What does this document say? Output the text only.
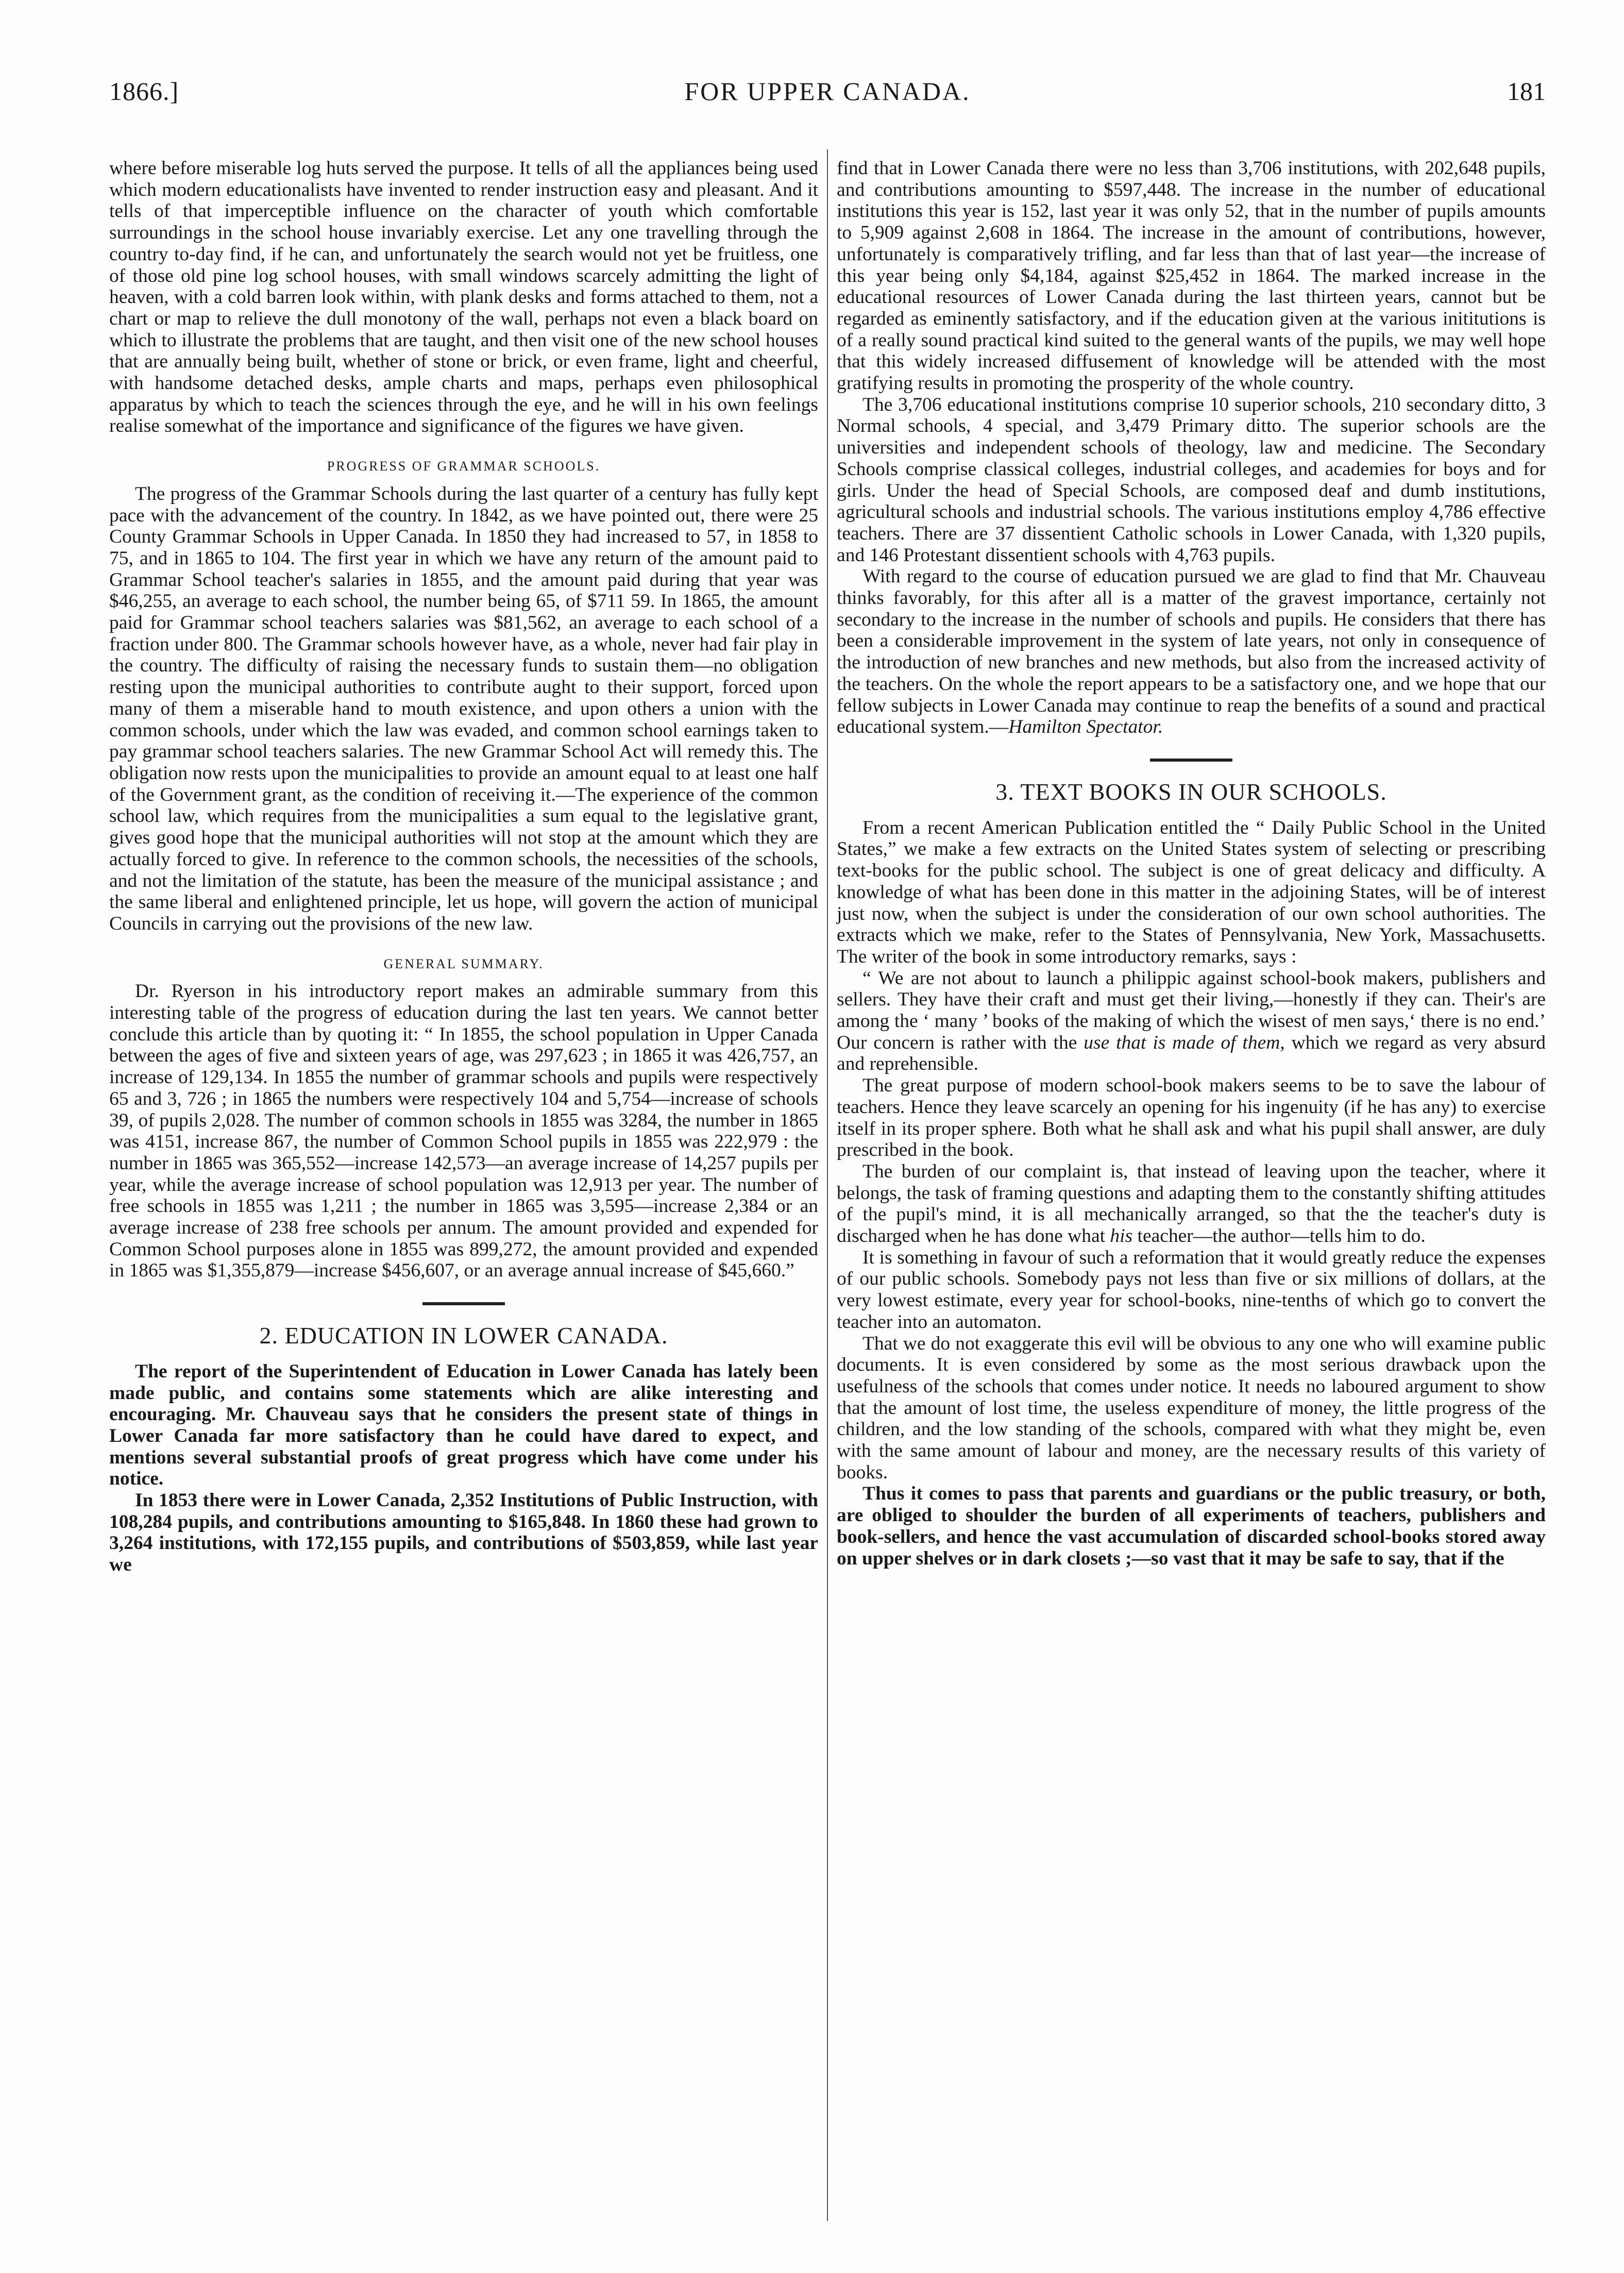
1866.]	FOR UPPER CANADA.	181

where before miserable log huts served the purpose. It tells of all the appliances being used which modern educationalists have invented to render instruction easy and pleasant. And it tells of that imperceptible influence on the character of youth which comfortable surroundings in the school house invariably exercise. Let any one travelling through the country to-day find, if he can, and unfortunately the search would not yet be fruitless, one of those old pine log school houses, with small windows scarcely admitting the light of heaven, with a cold barren look within, with plank desks and forms attached to them, not a chart or map to relieve the dull monotony of the wall, perhaps not even a black board on which to illustrate the problems that are taught, and then visit one of the new school houses that are annually being built, whether of stone or brick, or even frame, light and cheerful, with handsome detached desks, ample charts and maps, perhaps even philosophical apparatus by which to teach the sciences through the eye, and he will in his own feelings realise somewhat of the importance and significance of the figures we have given.

PROGRESS OF GRAMMAR SCHOOLS.

The progress of the Grammar Schools during the last quarter of a century has fully kept pace with the advancement of the country. In 1842, as we have pointed out, there were 25 County Grammar Schools in Upper Canada. In 1850 they had increased to 57, in 1858 to 75, and in 1865 to 104. The first year in which we have any return of the amount paid to Grammar School teacher's salaries in 1855, and the amount paid during that year was $46,255, an average to each school, the number being 65, of $711 59. In 1865, the amount paid for Grammar school teachers salaries was $81,562, an average to each school of a fraction under 800. The Grammar schools however have, as a whole, never had fair play in the country. The difficulty of raising the necessary funds to sustain them—no obligation resting upon the municipal authorities to contribute aught to their support, forced upon many of them a miserable hand to mouth existence, and upon others a union with the common schools, under which the law was evaded, and common school earnings taken to pay grammar school teachers salaries. The new Grammar School Act will remedy this. The obligation now rests upon the municipalities to provide an amount equal to at least one half of the Government grant, as the condition of receiving it.—The experience of the common school law, which requires from the municipalities a sum equal to the legislative grant, gives good hope that the municipal authorities will not stop at the amount which they are actually forced to give. In reference to the common schools, the necessities of the schools, and not the limitation of the statute, has been the measure of the municipal assistance ; and the same liberal and enlightened principle, let us hope, will govern the action of municipal Councils in carrying out the provisions of the new law.

GENERAL SUMMARY.

Dr. Ryerson in his introductory report makes an admirable summary from this interesting table of the progress of education during the last ten years. We cannot better conclude this article than by quoting it: “ In 1855, the school population in Upper Canada between the ages of five and sixteen years of age, was 297,623 ; in 1865 it was 426,757, an increase of 129,134. In 1855 the number of grammar schools and pupils were respectively 65 and 3, 726 ; in 1865 the numbers were respectively 104 and 5,754—increase of schools 39, of pupils 2,028. The number of common schools in 1855 was 3284, the number in 1865 was 4151, increase 867, the number of Common School pupils in 1855 was 222,979 : the number in 1865 was 365,552—increase 142,573—an average increase of 14,257 pupils per year, while the average increase of school population was 12,913 per year. The number of free schools in 1855 was 1,211 ; the number in 1865 was 3,595—increase 2,384 or an average increase of 238 free schools per annum. The amount provided and expended for Common School purposes alone in 1855 was 899,272, the amount provided and expended in 1865 was $1,355,879—increase $456,607, or an average annual increase of $45,660.”

2. EDUCATION IN LOWER CANADA.

The report of the Superintendent of Education in Lower Canada has lately been made public, and contains some statements which are alike interesting and encouraging. Mr. Chauveau says that he considers the present state of things in Lower Canada far more satisfactory than he could have dared to expect, and mentions several substantial proofs of great progress which have come under his notice.

In 1853 there were in Lower Canada, 2,352 Institutions of Public Instruction, with 108,284 pupils, and contributions amounting to $165,848. In 1860 these had grown to 3,264 institutions, with 172,155 pupils, and contributions of $503,859, while last year we

find that in Lower Canada there were no less than 3,706 institutions, with 202,648 pupils, and contributions amounting to $597,448. The increase in the number of educational institutions this year is 152, last year it was only 52, that in the number of pupils amounts to 5,909 against 2,608 in 1864. The increase in the amount of contributions, however, unfortunately is comparatively trifling, and far less than that of last year—the increase of this year being only $4,184, against $25,452 in 1864. The marked increase in the educational resources of Lower Canada during the last thirteen years, cannot but be regarded as eminently satisfactory, and if the education given at the various inititutions is of a really sound practical kind suited to the general wants of the pupils, we may well hope that this widely increased diffusement of knowledge will be attended with the most gratifying results in promoting the prosperity of the whole country.

The 3,706 educational institutions comprise 10 superior schools, 210 secondary ditto, 3 Normal schools, 4 special, and 3,479 Primary ditto. The superior schools are the universities and independent schools of theology, law and medicine. The Secondary Schools comprise classical colleges, industrial colleges, and academies for boys and for girls. Under the head of Special Schools, are composed deaf and dumb institutions, agricultural schools and industrial schools. The various institutions employ 4,786 effective teachers. There are 37 dissentient Catholic schools in Lower Canada, with 1,320 pupils, and 146 Protestant dissentient schools with 4,763 pupils.

With regard to the course of education pursued we are glad to find that Mr. Chauveau thinks favorably, for this after all is a matter of the gravest importance, certainly not secondary to the increase in the number of schools and pupils. He considers that there has been a considerable improvement in the system of late years, not only in consequence of the introduction of new branches and new methods, but also from the increased activity of the teachers. On the whole the report appears to be a satisfactory one, and we hope that our fellow subjects in Lower Canada may continue to reap the benefits of a sound and practical educational system.—Hamilton Spectator.

3. TEXT BOOKS IN OUR SCHOOLS.

From a recent American Publication entitled the “ Daily Public School in the United States,” we make a few extracts on the United States system of selecting or prescribing text-books for the public school. The subject is one of great delicacy and difficulty. A knowledge of what has been done in this matter in the adjoining States, will be of interest just now, when the subject is under the consideration of our own school authorities. The extracts which we make, refer to the States of Pennsylvania, New York, Massachusetts. The writer of the book in some introductory remarks, says :

“ We are not about to launch a philippic against school-book makers, publishers and sellers. They have their craft and must get their living,—honestly if they can. Their's are among the ‘ many ’ books of the making of which the wisest of men says,‘ there is no end.’ Our concern is rather with the use that is made of them, which we regard as very absurd and reprehensible.

The great purpose of modern school-book makers seems to be to save the labour of teachers. Hence they leave scarcely an opening for his ingenuity (if he has any) to exercise itself in its proper sphere. Both what he shall ask and what his pupil shall answer, are duly prescribed in the book.

The burden of our complaint is, that instead of leaving upon the teacher, where it belongs, the task of framing questions and adapting them to the constantly shifting attitudes of the pupil's mind, it is all mechanically arranged, so that the the teacher's duty is discharged when he has done what his teacher—the author—tells him to do.

It is something in favour of such a reformation that it would greatly reduce the expenses of our public schools. Somebody pays not less than five or six millions of dollars, at the very lowest estimate, every year for school-books, nine-tenths of which go to convert the teacher into an automaton.

That we do not exaggerate this evil will be obvious to any one who will examine public documents. It is even considered by some as the most serious drawback upon the usefulness of the schools that comes under notice. It needs no laboured argument to show that the amount of lost time, the useless expenditure of money, the little progress of the children, and the low standing of the schools, compared with what they might be, even with the same amount of labour and money, are the necessary results of this variety of books.

Thus it comes to pass that parents and guardians or the public treasury, or both, are obliged to shoulder the burden of all experiments of teachers, publishers and book-sellers, and hence the vast accumulation of discarded school-books stored away on upper shelves or in dark closets ;—so vast that it may be safe to say, that if the
